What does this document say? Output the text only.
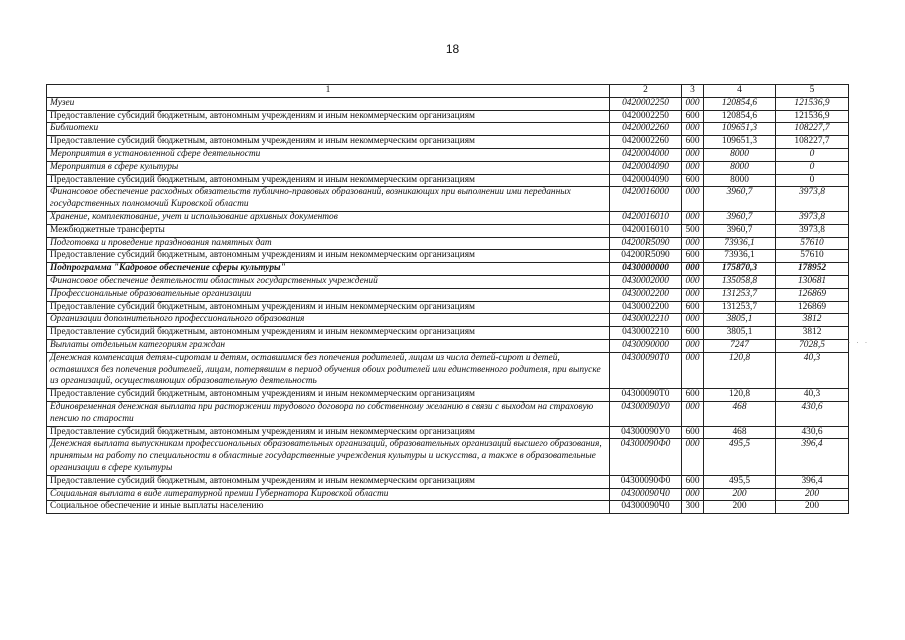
18
1	2	3	4	5
Музеи	0420002250	000	120854,6	121536,9
Предоставление субсидий бюджетным, автономным учреждениям и иным некоммерческим организациям	0420002250	600	120854,6	121536,9
Библиотеки	0420002260	000	109651,3	108227,7
Предоставление субсидий бюджетным, автономным учреждениям и иным некоммерческим организациям	0420002260	600	109651,3	108227,7
Мероприятия в установленной сфере деятельности	0420004000	000	8000	0
Мероприятия в сфере культуры	0420004090	000	8000	0
Предоставление субсидий бюджетным, автономным учреждениям и иным некоммерческим организациям	0420004090	600	8000	0
Финансовое обеспечение расходных обязательств публично-правовых образований, возникающих при выполнении ими переданных государственных полномочий Кировской области	0420016000	000	3960,7	3973,8
Хранение, комплектование, учет и использование архивных документов	0420016010	000	3960,7	3973,8
Межбюджетные трансферты	0420016010	500	3960,7	3973,8
Подготовка и проведение празднования памятных дат	04200R5090	000	73936,1	57610
Предоставление субсидий бюджетным, автономным учреждениям и иным некоммерческим организациям	04200R5090	600	73936,1	57610
Подпрограмма "Кадровое обеспечение сферы культуры"	0430000000	000	175870,3	178952
Финансовое обеспечение деятельности областных государственных учреждений	0430002000	000	135058,8	130681
Профессиональные образовательные организации	0430002200	000	131253,7	126869
Предоставление субсидий бюджетным, автономным учреждениям и иным некоммерческим организациям	0430002200	600	131253,7	126869
Организации дополнительного профессионального образования	0430002210	000	3805,1	3812
Предоставление субсидий бюджетным, автономным учреждениям и иным некоммерческим организациям	0430002210	600	3805,1	3812
Выплаты отдельным категориям граждан	0430090000	000	7247	7028,5
Денежная компенсация детям-сиротам и детям, оставшимся без попечения родителей, лицам из числа детей-сирот и детей, оставшихся без попечения родителей, лицам, потерявшим в период обучения обоих родителей или единственного родителя, при выпуске из организаций, осуществляющих образовательную деятельность	04300090Т0	000	120,8	40,3
Предоставление субсидий бюджетным, автономным учреждениям и иным некоммерческим организациям	04300090Т0	600	120,8	40,3
Единовременная денежная выплата при расторжении трудового договора по собственному желанию в связи с выходом на страховую пенсию по старости	04300090У0	000	468	430,6
Предоставление субсидий бюджетным, автономным учреждениям и иным некоммерческим организациям	04300090У0	600	468	430,6
Денежная выплата выпускникам профессиональных образовательных организаций, образовательных организаций высшего образования, принятым на работу по специальности в областные государственные учреждения культуры и искусства, а также в образовательные организации в сфере культуры	04300090Ф0	000	495,5	396,4
Предоставление субсидий бюджетным, автономным учреждениям и иным некоммерческим организациям	04300090Ф0	600	495,5	396,4
Социальная выплата в виде литературной премии Губернатора Кировской области	04300090Ч0	000	200	200
Социальное обеспечение и иные выплаты населению	04300090Ч0	300	200	200
· · ·
